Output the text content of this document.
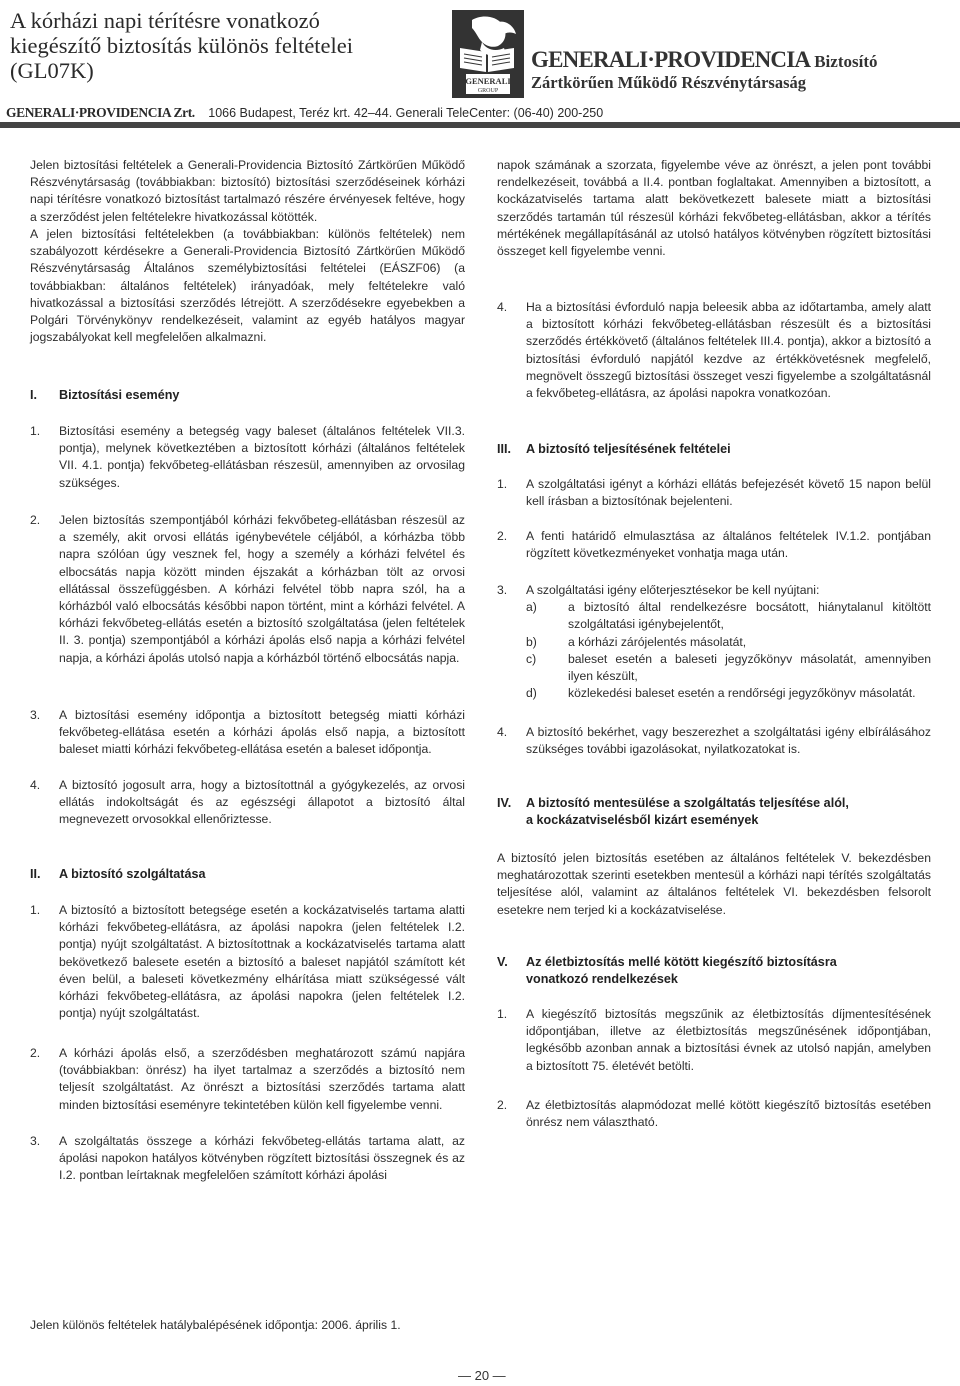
A kórházi napi térítésre vonatkozó
kiegészítő biztosítás különös feltételei
(GL07K)	GENERALI
GROUP
GENERALI·PROVIDENCIA Biztosító
Zártkörűen Működő Részvénytársaság
GENERALI·PROVIDENCIA Zrt. 1066 Budapest, Teréz krt. 42–44. Generali TeleCenter: (06-40) 200-250
Jelen biztosítási feltételek a Generali-Providencia Biztosító Zártkörűen Működő Részvénytársaság (továbbiakban: biztosító) biztosítási szerződéseinek kórházi napi térítésre vonatkozó biztosítást tartalmazó részére érvényesek feltéve, hogy a szerződést jelen feltételekre hivatkozással kötötték.
A jelen biztosítási feltételekben (a továbbiakban: különös feltételek) nem szabályozott kérdésekre a Generali-Providencia Biztosító Zártkörűen Működő Részvénytársaság Általános személybiztosítási feltételei (EÁSZF06) (a továbbiakban: általános feltételek) irányadóak, mely feltételekre való hivatkozással a biztosítási szerződés létrejött. A szerződésekre egyebekben a Polgári Törvénykönyv rendelkezéseit, valamint az egyéb hatályos magyar jogszabályokat kell megfelelően alkalmazni.
I. Biztosítási esemény
1. Biztosítási esemény a betegség vagy baleset (általános feltételek VII.3. pontja), melynek következtében a biztosított kórházi (általános feltételek VII. 4.1. pontja) fekvőbeteg-ellátásban részesül, amennyiben az orvosilag szükséges.
2. Jelen biztosítás szempontjából kórházi fekvőbeteg-ellátásban részesül az a személy, akit orvosi ellátás igénybevétele céljából, a kórházba több napra szólóan úgy vesznek fel, hogy a személy a kórházi felvétel és elbocsátás napja között minden éjszakát a kórházban tölt az orvosi ellátással összefüggésben. A kórházi felvétel több napra szól, ha a kórházból való elbocsátás későbbi napon történt, mint a kórházi felvétel. A kórházi fekvőbeteg-ellátás esetén a biztosító szolgáltatása (jelen feltételek II. 3. pontja) szempontjából a kórházi ápolás első napja a kórházi felvétel napja, a kórházi ápolás utolsó napja a kórházból történő elbocsátás napja.
3. A biztosítási esemény időpontja a biztosított betegség miatti kórházi fekvőbeteg-ellátása esetén a kórházi ápolás első napja, a biztosított baleset miatti kórházi fekvőbeteg-ellátása esetén a baleset időpontja.
4. A biztosító jogosult arra, hogy a biztosítottnál a gyógykezelés, az orvosi ellátás indokoltságát és az egészségi állapotot a biztosító által megnevezett orvosokkal ellenőriztesse.
II. A biztosító szolgáltatása
1. A biztosító a biztosított betegsége esetén a kockázatviselés tartama alatti kórházi fekvőbeteg-ellátásra, az ápolási napokra (jelen feltételek I.2. pontja) nyújt szolgáltatást. A biztosítottnak a kockázatviselés tartama alatt bekövetkező balesete esetén a biztosító a baleset napjától számított két éven belül, a baleseti következmény elhárítása miatt szükségessé vált kórházi fekvőbeteg-ellátásra, az ápolási napokra (jelen feltételek I.2. pontja) nyújt szolgáltatást.
2. A kórházi ápolás első, a szerződésben meghatározott számú napjára (továbbiakban: önrész) ha ilyet tartalmaz a szerződés a biztosító nem teljesít szolgáltatást. Az önrészt a biztosítási szerződés tartama alatt minden biztosítási eseményre tekintetében külön kell figyelembe venni.
3. A szolgáltatás összege a kórházi fekvőbeteg-ellátás tartama alatt, az ápolási napokon hatályos kötvényben rögzített biztosítási összegnek és az I.2. pontban leírtaknak megfelelően számított kórházi ápolási
napok számának a szorzata, figyelembe véve az önrészt, a jelen pont további rendelkezéseit, továbbá a II.4. pontban foglaltakat. Amennyiben a biztosított, a kockázatviselés tartama alatt bekövetkezett balesete miatt a biztosítási szerződés tartamán túl részesül kórházi fekvőbeteg-ellátásban, akkor a térítés mértékének megállapításánál az utolsó hatályos kötvényben rögzített biztosítási összeget kell figyelembe venni.
4. Ha a biztosítási évforduló napja beleesik abba az időtartamba, amely alatt a biztosított kórházi fekvőbeteg-ellátásban részesült és a biztosítási szerződés értékkövető (általános feltételek III.4. pontja), akkor a biztosító a biztosítási évforduló napjától kezdve az értékkövetésnek megfelelő, megnövelt összegű biztosítási összeget veszi figyelembe a szolgáltatásnál a fekvőbeteg-ellátásra, az ápolási napokra vonatkozóan.
III. A biztosító teljesítésének feltételei
1. A szolgáltatási igényt a kórházi ellátás befejezését követő 15 napon belül kell írásban a biztosítónak bejelenteni.
2. A fenti határidő elmulasztása az általános feltételek IV.1.2. pontjában rögzített következményeket vonhatja maga után.
3. A szolgáltatási igény előterjesztésekor be kell nyújtani:
a)	a biztosító által rendelkezésre bocsátott, hiánytalanul kitöltött szolgáltatási igénybejelentőt,
b)	a kórházi zárójelentés másolatát,
c)	baleset esetén a baleseti jegyzőkönyv másolatát, amennyiben ilyen készült,
d)	közlekedési baleset esetén a rendőrségi jegyzőkönyv másolatát.
4. A biztosító bekérhet, vagy beszerezhet a szolgáltatási igény elbírálásához szükséges további igazolásokat, nyilatkozatokat is.
IV. A biztosító mentesülése a szolgáltatás teljesítése alól,
a kockázatviselésből kizárt események
A biztosító jelen biztosítás esetében az általános feltételek V. bekezdésben meghatározottak szerinti esetekben mentesül a kórházi napi térítés szolgáltatás teljesítése alól, valamint az általános feltételek VI. bekezdésben felsorolt esetekre nem terjed ki a kockázatviselése.
V. Az életbiztosítás mellé kötött kiegészítő biztosításra
vonatkozó rendelkezések
1. A kiegészítő biztosítás megszűnik az életbiztosítás díjmentesítésének időpontjában, illetve az életbiztosítás megszűnésének időpontjában, legkésőbb azonban annak a biztosítási évnek az utolsó napján, amelyben a biztosított 75. életévét betölti.
2. Az életbiztosítás alapmódozat mellé kötött kiegészítő biztosítás esetében önrész nem választható.
Jelen különös feltételek hatálybalépésének időpontja: 2006. április 1.
— 20 —
